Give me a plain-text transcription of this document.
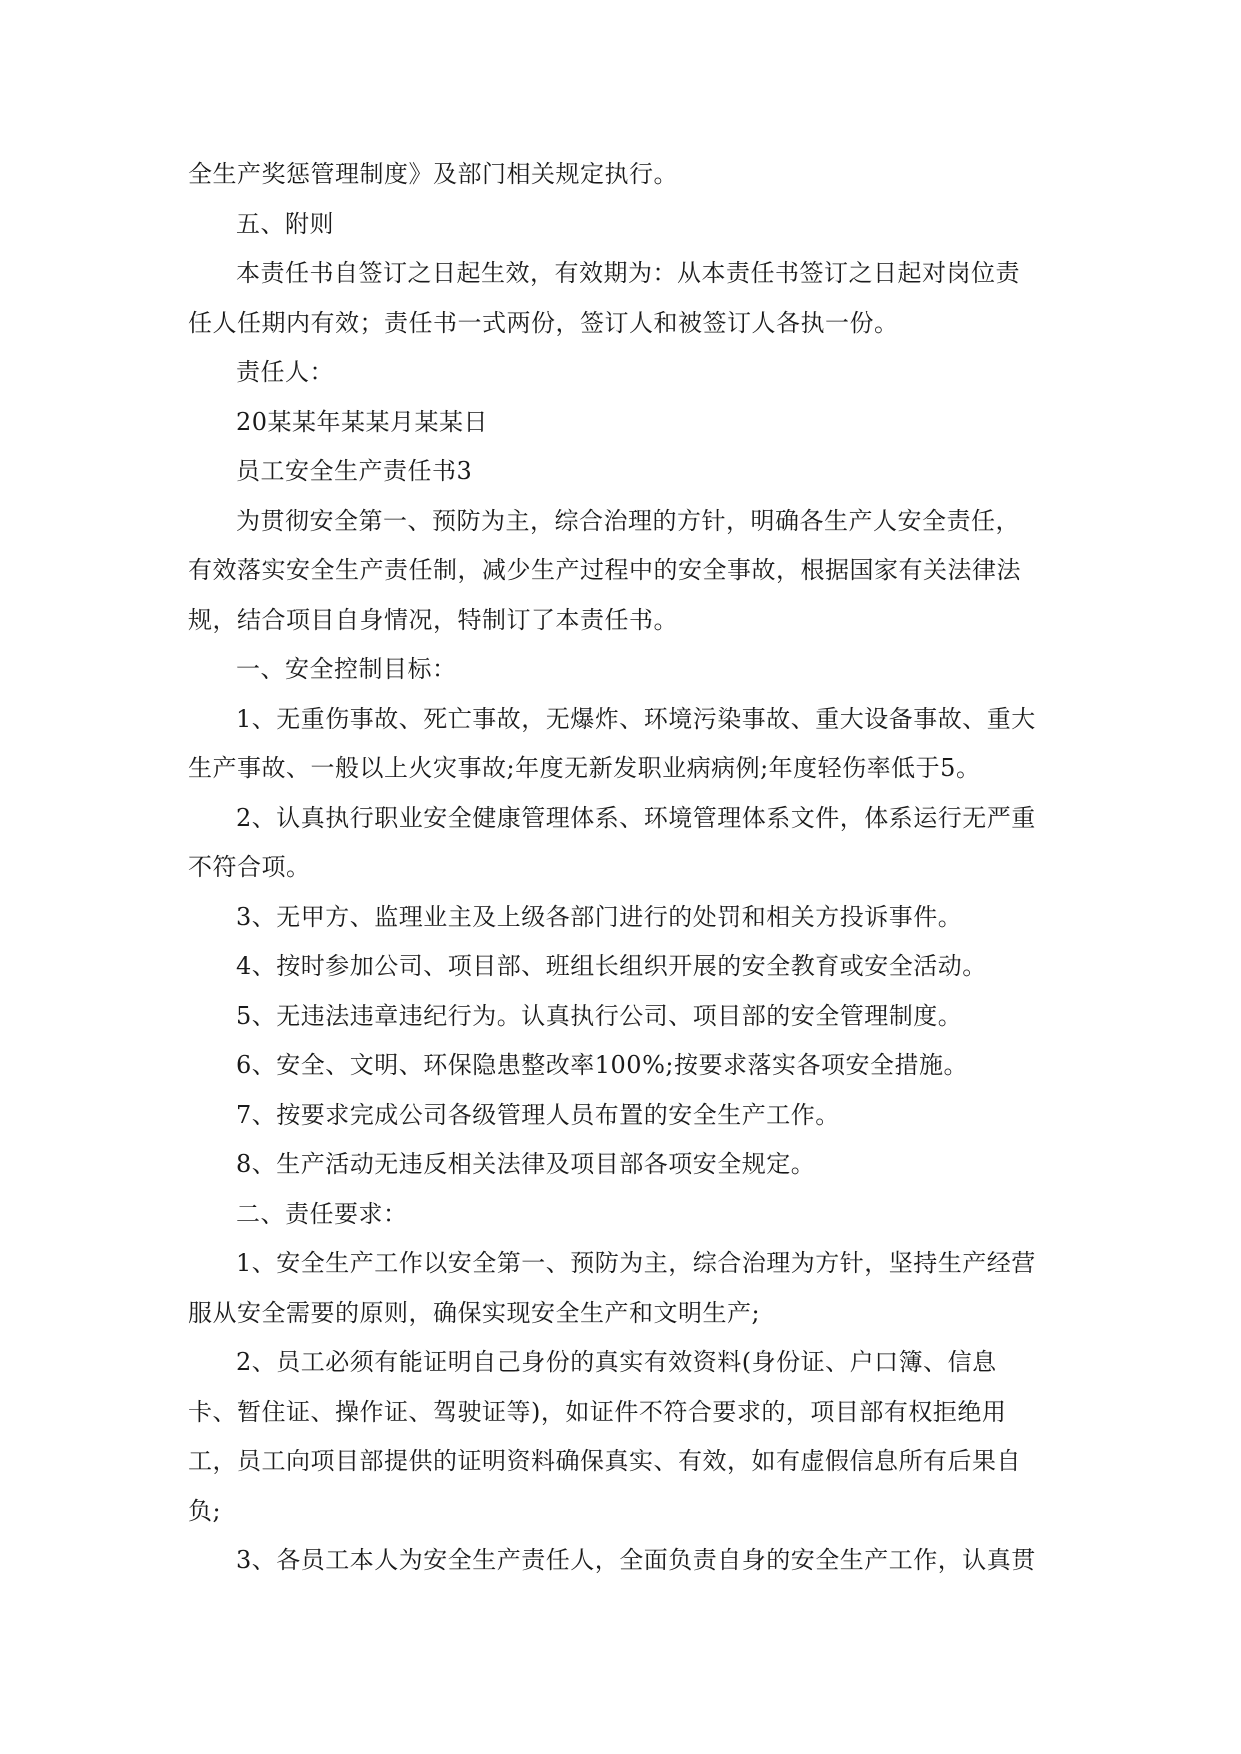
全生产奖惩管理制度》及部门相关规定执行。
五、附则
本责任书自签订之日起生效，有效期为：从本责任书签订之日起对岗位责
任人任期内有效；责任书一式两份，签订人和被签订人各执一份。
责任人：
20某某年某某月某某日
员工安全生产责任书3
为贯彻安全第一、预防为主，综合治理的方针，明确各生产人安全责任，
有效落实安全生产责任制，减少生产过程中的安全事故，根据国家有关法律法
规，结合项目自身情况，特制订了本责任书。
一、安全控制目标：
1、无重伤事故、死亡事故，无爆炸、环境污染事故、重大设备事故、重大
生产事故、一般以上火灾事故;年度无新发职业病病例;年度轻伤率低于5。
2、认真执行职业安全健康管理体系、环境管理体系文件，体系运行无严重
不符合项。
3、无甲方、监理业主及上级各部门进行的处罚和相关方投诉事件。
4、按时参加公司、项目部、班组长组织开展的安全教育或安全活动。
5、无违法违章违纪行为。认真执行公司、项目部的安全管理制度。
6、安全、文明、环保隐患整改率100%;按要求落实各项安全措施。
7、按要求完成公司各级管理人员布置的安全生产工作。
8、生产活动无违反相关法律及项目部各项安全规定。
二、责任要求：
1、安全生产工作以安全第一、预防为主，综合治理为方针，坚持生产经营
服从安全需要的原则，确保实现安全生产和文明生产;
2、员工必须有能证明自己身份的真实有效资料(身份证、户口簿、信息
卡、暂住证、操作证、驾驶证等)，如证件不符合要求的，项目部有权拒绝用
工，员工向项目部提供的证明资料确保真实、有效，如有虚假信息所有后果自
负;
3、各员工本人为安全生产责任人，全面负责自身的安全生产工作，认真贯
